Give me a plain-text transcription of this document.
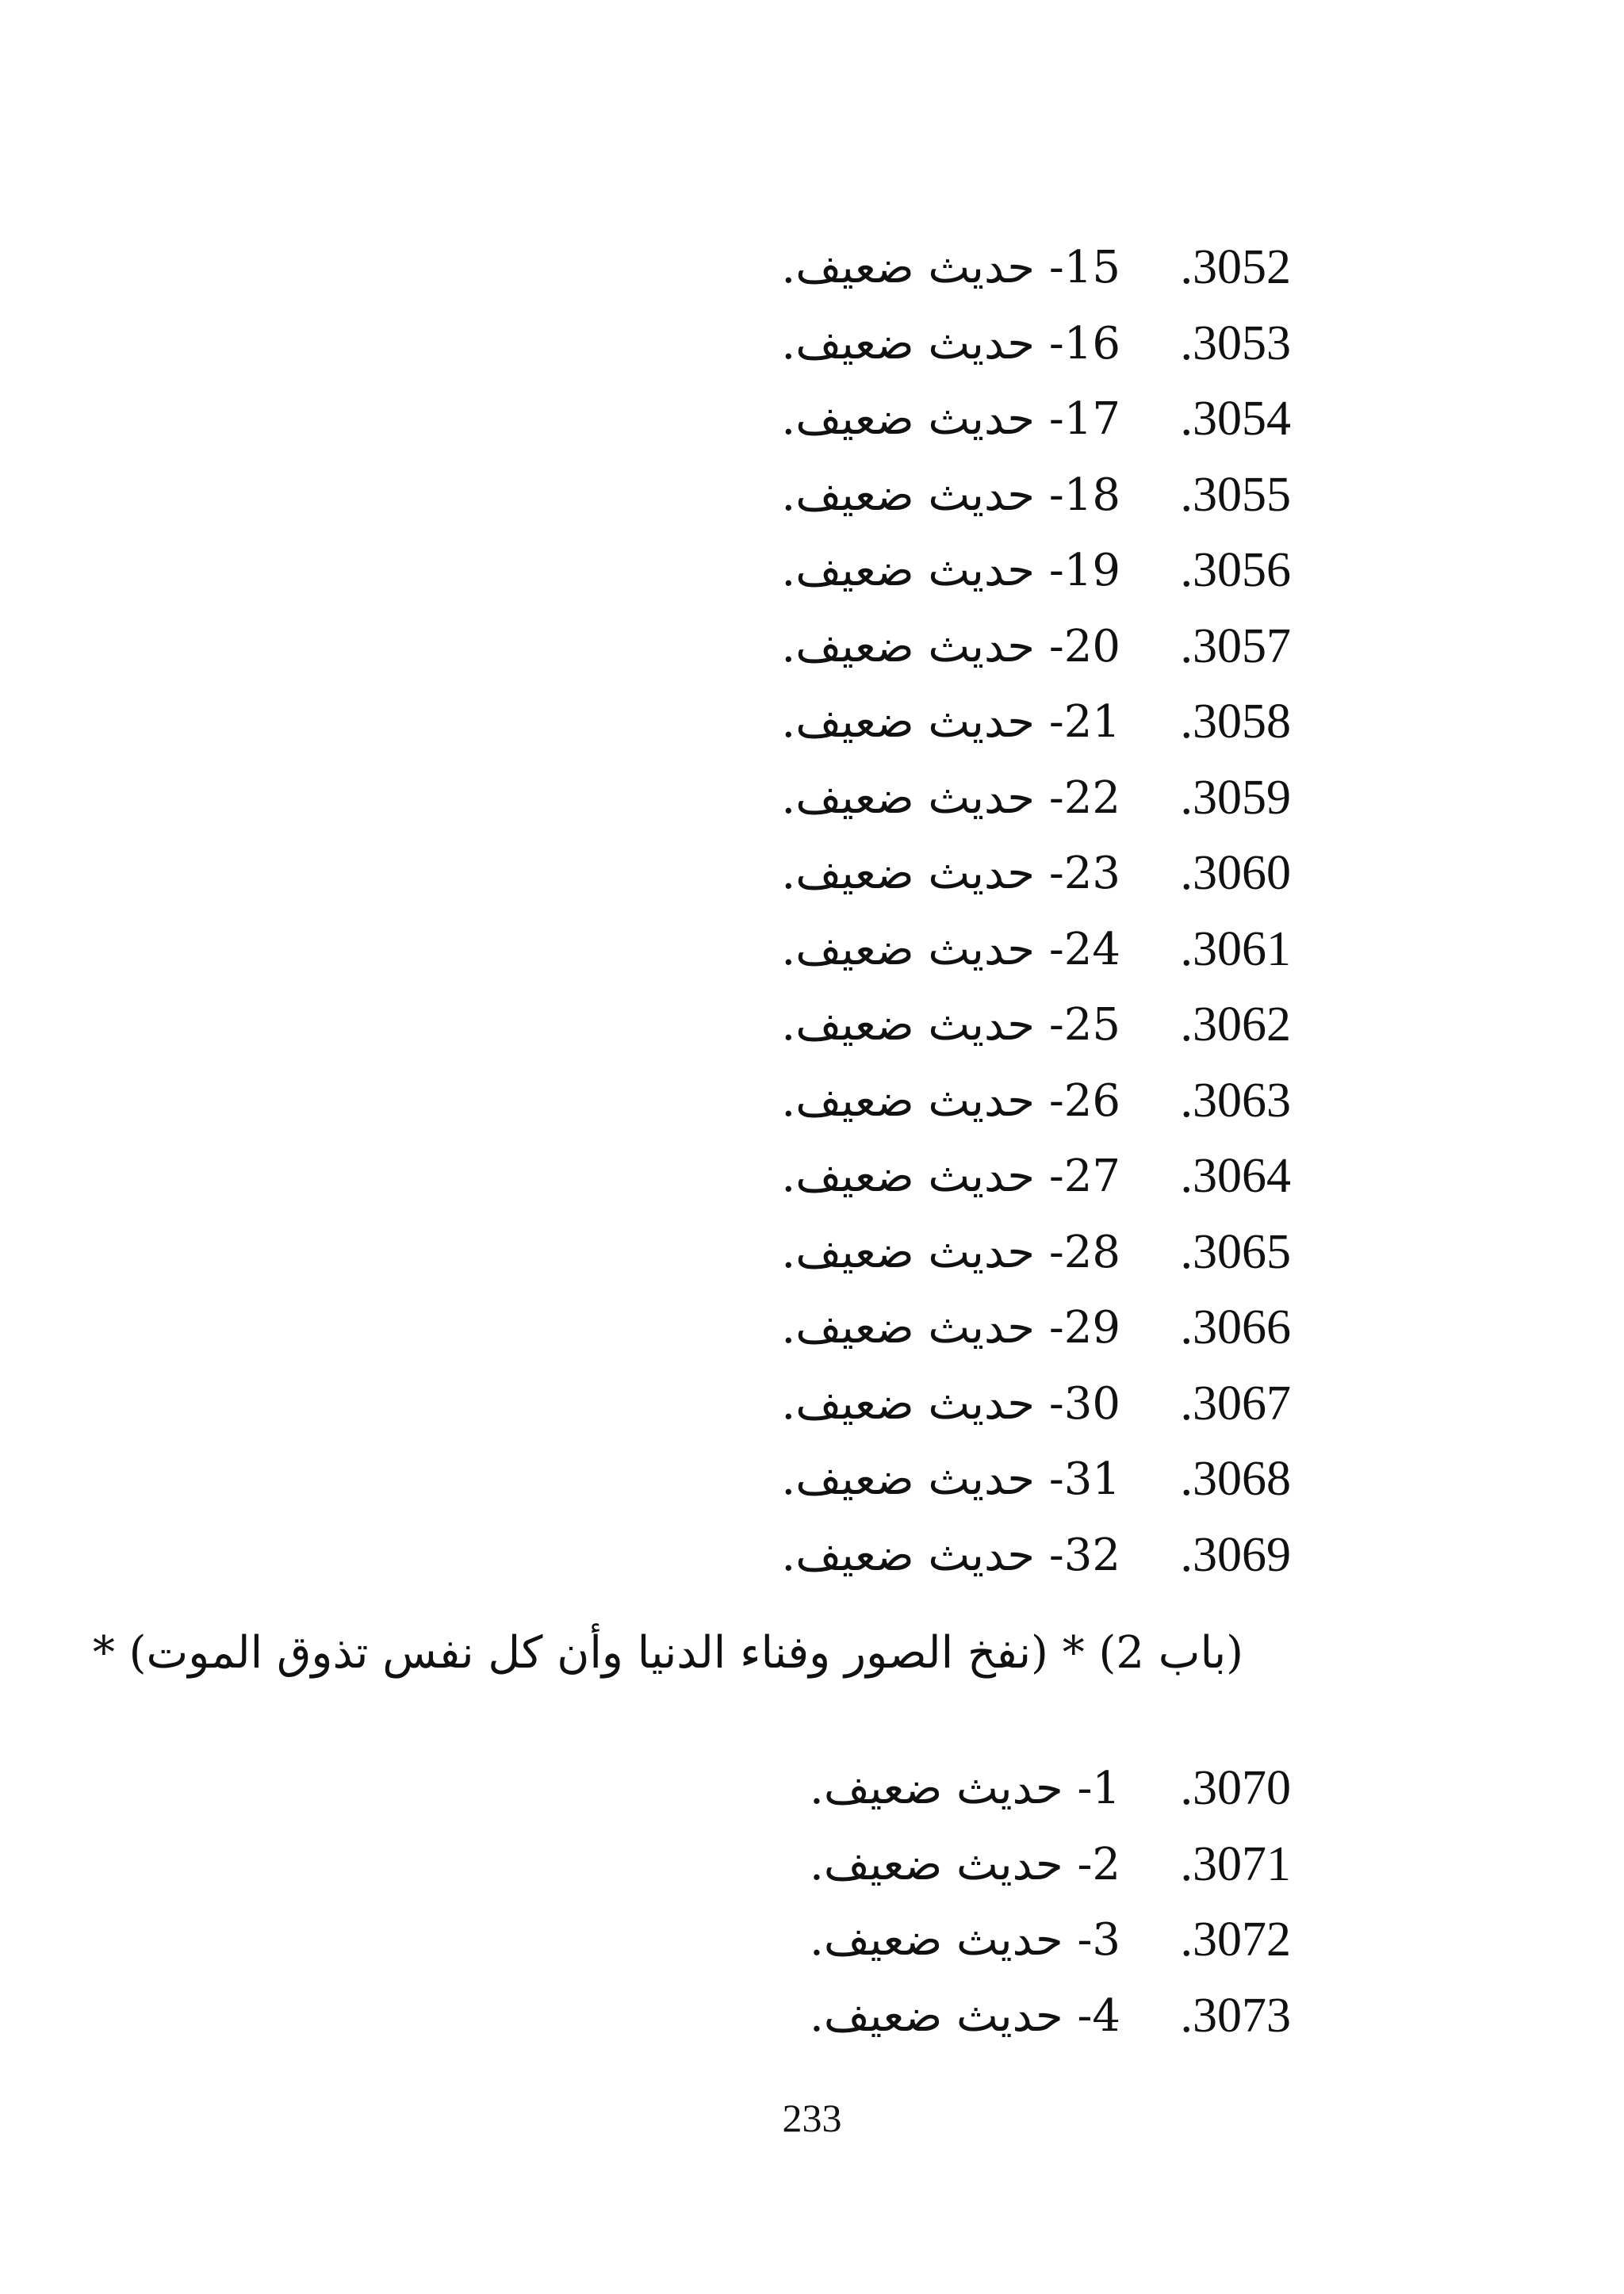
3052.
15- حديث ضعيف.
3053.
16- حديث ضعيف.
3054.
17- حديث ضعيف.
3055.
18- حديث ضعيف.
3056.
19- حديث ضعيف.
3057.
20- حديث ضعيف.
3058.
21- حديث ضعيف.
3059.
22- حديث ضعيف.
3060.
23- حديث ضعيف.
3061.
24- حديث ضعيف.
3062.
25- حديث ضعيف.
3063.
26- حديث ضعيف.
3064.
27- حديث ضعيف.
3065.
28- حديث ضعيف.
3066.
29- حديث ضعيف.
3067.
30- حديث ضعيف.
3068.
31- حديث ضعيف.
3069.
32- حديث ضعيف.
(باب 2) * (نفخ الصور وفناء الدنيا وأن كل نفس تذوق الموت) *
3070.
1- حديث ضعيف.
3071.
2- حديث ضعيف.
3072.
3- حديث ضعيف.
3073.
4- حديث ضعيف.
233
